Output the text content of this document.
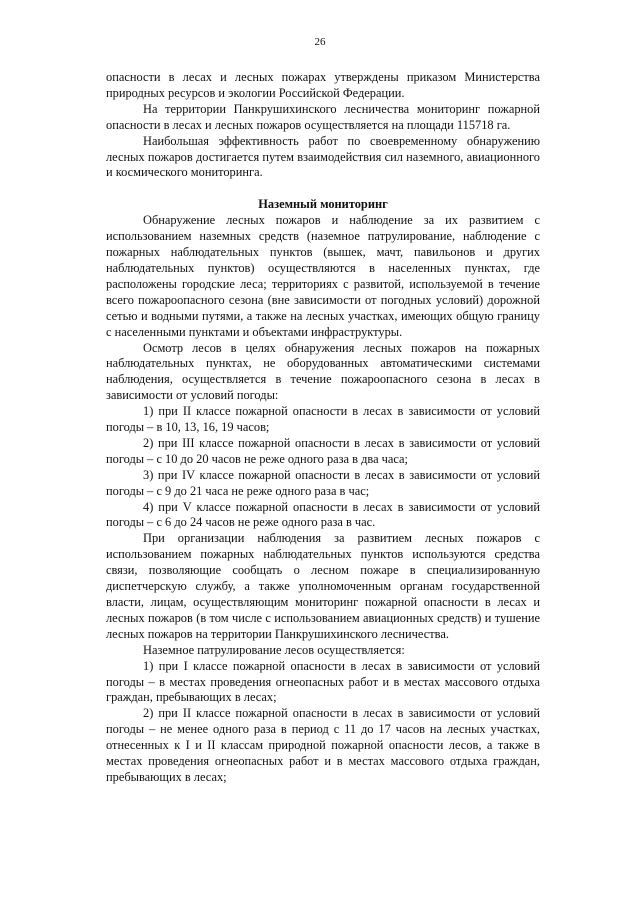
26

опасности в лесах и лесных пожарах утверждены приказом Министерства природных ресурсов и экологии Российской Федерации.

На территории Панкрушихинского лесничества мониторинг пожарной опасности в лесах и лесных пожаров осуществляется на площади 115718 га.

Наибольшая эффективность работ по своевременному обнаружению лесных пожаров достигается путем взаимодействия сил наземного, авиационного и космического мониторинга.

Наземный мониторинг

Обнаружение лесных пожаров и наблюдение за их развитием с использованием наземных средств (наземное патрулирование, наблюдение с пожарных наблюдательных пунктов (вышек, мачт, павильонов и других наблюдательных пунктов) осуществляются в населенных пунктах, где расположены городские леса; территориях с развитой, используемой в течение всего пожароопасного сезона (вне зависимости от погодных условий) дорожной сетью и водными путями, а также на лесных участках, имеющих общую границу с населенными пунктами и объектами инфраструктуры.

Осмотр лесов в целях обнаружения лесных пожаров на пожарных наблюдательных пунктах, не оборудованных автоматическими системами наблюдения, осуществляется в течение пожароопасного сезона в лесах в зависимости от условий погоды:

1) при II классе пожарной опасности в лесах в зависимости от условий погоды – в 10, 13, 16, 19 часов;

2) при III классе пожарной опасности в лесах в зависимости от условий погоды – с 10 до 20 часов не реже одного раза в два часа;

3) при IV классе пожарной опасности в лесах в зависимости от условий погоды – с 9 до 21 часа не реже одного раза в час;

4) при V классе пожарной опасности в лесах в зависимости от условий погоды – с 6 до 24 часов не реже одного раза в час.

При организации наблюдения за развитием лесных пожаров с использованием пожарных наблюдательных пунктов используются средства связи, позволяющие сообщать о лесном пожаре в специализированную диспетчерскую службу, а также уполномоченным органам государственной власти, лицам, осуществляющим мониторинг пожарной опасности в лесах и лесных пожаров (в том числе с использованием авиационных средств) и тушение лесных пожаров на территории Панкрушихинского лесничества.

Наземное патрулирование лесов осуществляется:

1) при I классе пожарной опасности в лесах в зависимости от условий погоды – в местах проведения огнеопасных работ и в местах массового отдыха граждан, пребывающих в лесах;

2) при II классе пожарной опасности в лесах в зависимости от условий погоды – не менее одного раза в период с 11 до 17 часов на лесных участках, отнесенных к I и II классам природной пожарной опасности лесов, а также в местах проведения огнеопасных работ и в местах массового отдыха граждан, пребывающих в лесах;
